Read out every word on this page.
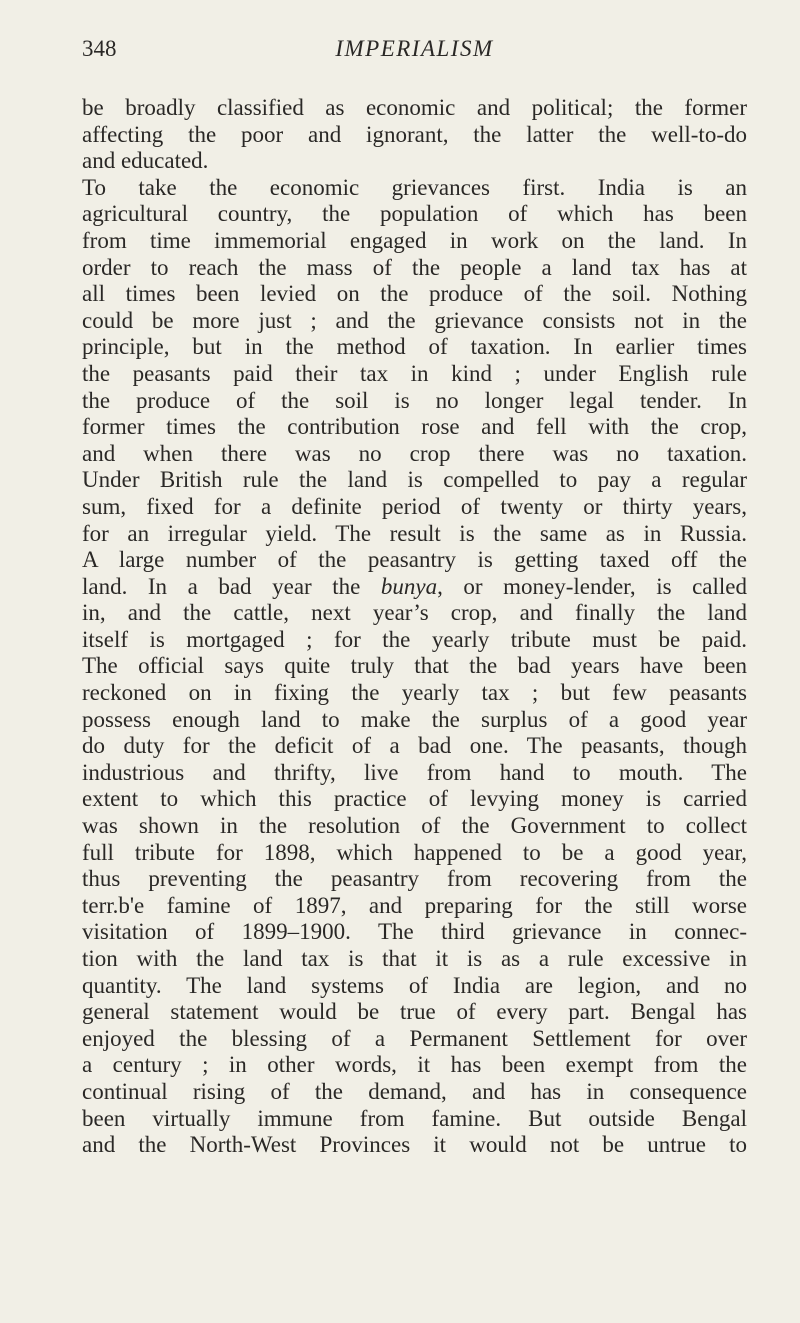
348	IMPERIALISM
be broadly classified as economic and political; the former
affecting the poor and ignorant, the latter the well-to-do
and educated.
To take the economic grievances first. India is an
agricultural country, the population of which has been
from time immemorial engaged in work on the land. In
order to reach the mass of the people a land tax has at
all times been levied on the produce of the soil. Nothing
could be more just ; and the grievance consists not in the
principle, but in the method of taxation. In earlier times
the peasants paid their tax in kind ; under English rule
the produce of the soil is no longer legal tender. In
former times the contribution rose and fell with the crop,
and when there was no crop there was no taxation.
Under British rule the land is compelled to pay a regular
sum, fixed for a definite period of twenty or thirty years,
for an irregular yield. The result is the same as in Russia.
A large number of the peasantry is getting taxed off the
land. In a bad year the bunya, or money-lender, is called
in, and the cattle, next year’s crop, and finally the land
itself is mortgaged ; for the yearly tribute must be paid.
The official says quite truly that the bad years have been
reckoned on in fixing the yearly tax ; but few peasants
possess enough land to make the surplus of a good year
do duty for the deficit of a bad one. The peasants, though
industrious and thrifty, live from hand to mouth. The
extent to which this practice of levying money is carried
was shown in the resolution of the Government to collect
full tribute for 1898, which happened to be a good year,
thus preventing the peasantry from recovering from the
terr.b'e famine of 1897, and preparing for the still worse
visitation of 1899–1900. The third grievance in connec-
tion with the land tax is that it is as a rule excessive in
quantity. The land systems of India are legion, and no
general statement would be true of every part. Bengal has
enjoyed the blessing of a Permanent Settlement for over
a century ; in other words, it has been exempt from the
continual rising of the demand, and has in consequence
been virtually immune from famine. But outside Bengal
and the North-West Provinces it would not be untrue to
